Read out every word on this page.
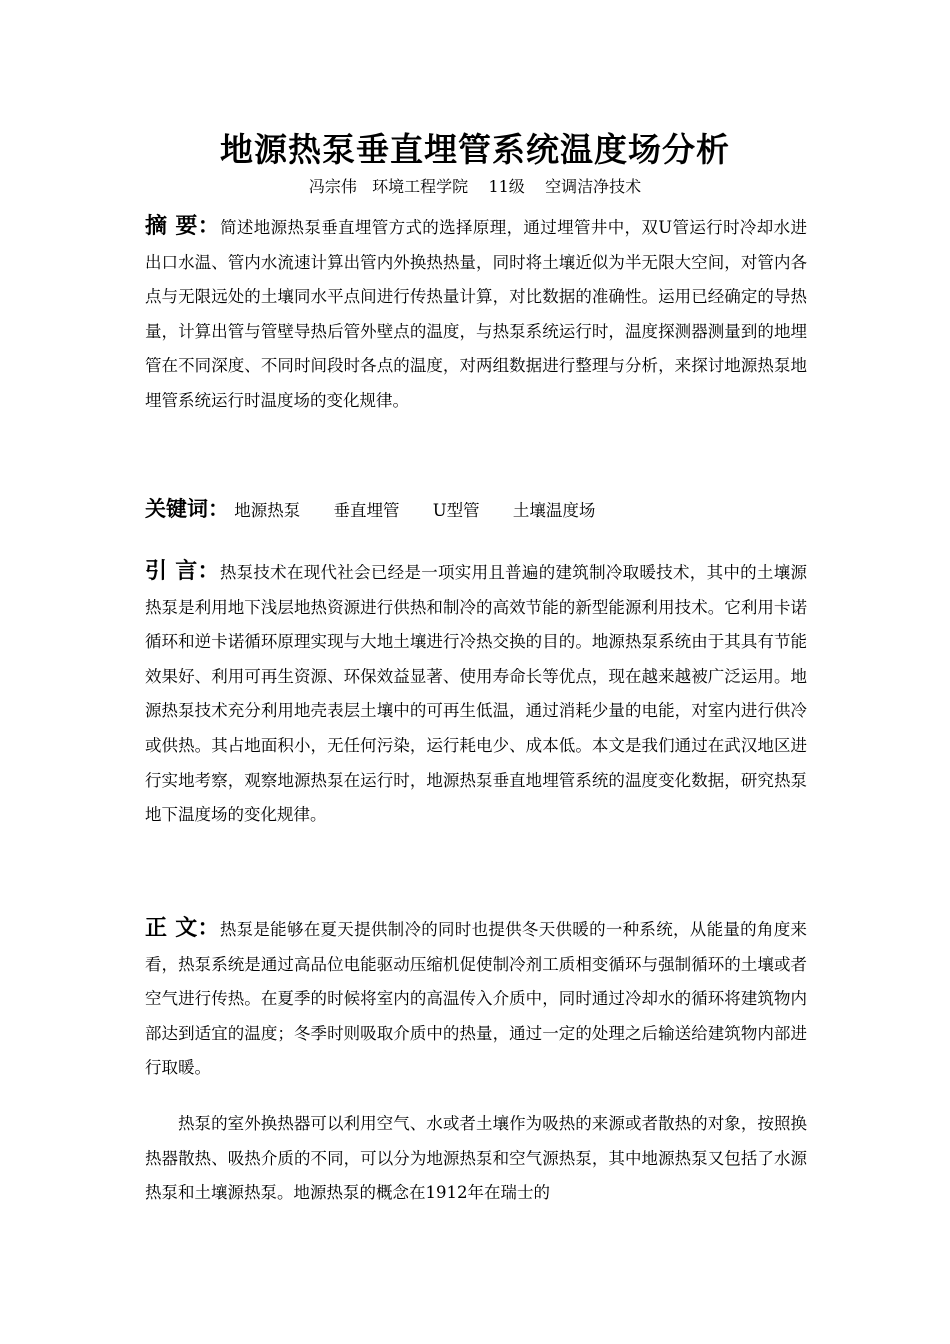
地源热泵垂直埋管系统温度场分析
冯宗伟   环境工程学院    11级    空调洁净技术
摘 要：简述地源热泵垂直埋管方式的选择原理，通过埋管井中，双U管运行时冷却水进出口水温、管内水流速计算出管内外换热热量，同时将土壤近似为半无限大空间，对管内各点与无限远处的土壤同水平点间进行传热量计算，对比数据的准确性。运用已经确定的导热量，计算出管与管壁导热后管外壁点的温度，与热泵系统运行时，温度探测器测量到的地埋管在不同深度、不同时间段时各点的温度，对两组数据进行整理与分析，来探讨地源热泵地埋管系统运行时温度场的变化规律。
关键词： 地源热泵 垂直埋管 U型管 土壤温度场
引 言：热泵技术在现代社会已经是一项实用且普遍的建筑制冷取暖技术，其中的土壤源热泵是利用地下浅层地热资源进行供热和制冷的高效节能的新型能源利用技术。它利用卡诺循环和逆卡诺循环原理实现与大地土壤进行冷热交换的目的。地源热泵系统由于其具有节能效果好、利用可再生资源、环保效益显著、使用寿命长等优点，现在越来越被广泛运用。地源热泵技术充分利用地壳表层土壤中的可再生低温，通过消耗少量的电能，对室内进行供冷或供热。其占地面积小，无任何污染，运行耗电少、成本低。本文是我们通过在武汉地区进行实地考察，观察地源热泵在运行时，地源热泵垂直地埋管系统的温度变化数据，研究热泵地下温度场的变化规律。
正 文：热泵是能够在夏天提供制冷的同时也提供冬天供暖的一种系统，从能量的角度来看，热泵系统是通过高品位电能驱动压缩机促使制冷剂工质相变循环与强制循环的土壤或者空气进行传热。在夏季的时候将室内的高温传入介质中，同时通过冷却水的循环将建筑物内部达到适宜的温度；冬季时则吸取介质中的热量，通过一定的处理之后输送给建筑物内部进行取暖。
热泵的室外换热器可以利用空气、水或者土壤作为吸热的来源或者散热的对象，按照换热器散热、吸热介质的不同，可以分为地源热泵和空气源热泵，其中地源热泵又包括了水源热泵和土壤源热泵。地源热泵的概念在1912年在瑞士的
